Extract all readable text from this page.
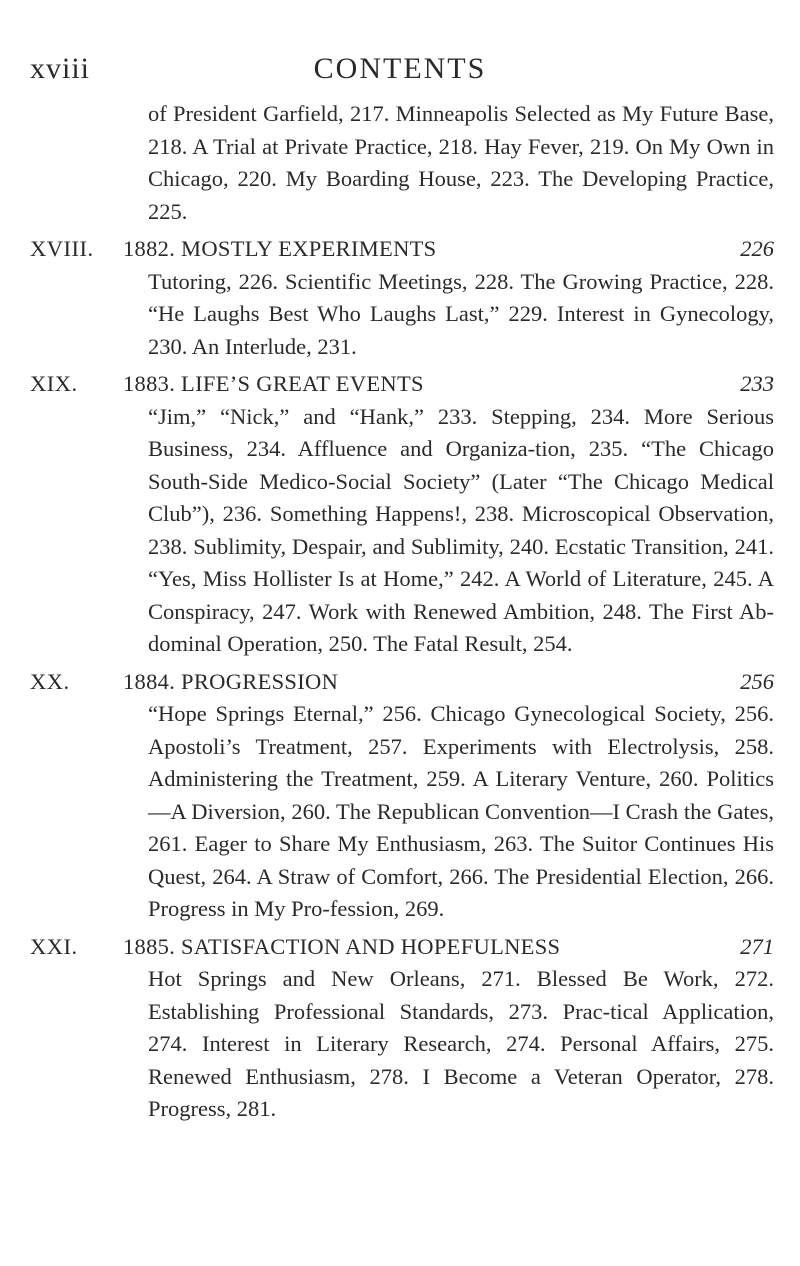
xviii	CONTENTS
of President Garfield, 217. Minneapolis Selected as My Future Base, 218. A Trial at Private Practice, 218. Hay Fever, 219. On My Own in Chicago, 220. My Boarding House, 223. The Developing Practice, 225.
XVIII. 1882. MOSTLY EXPERIMENTS	226
Tutoring, 226. Scientific Meetings, 228. The Growing Practice, 228. “He Laughs Best Who Laughs Last,” 229. Interest in Gynecology, 230. An Interlude, 231.
XIX. 1883. LIFE’S GREAT EVENTS	233
“Jim,” “Nick,” and “Hank,” 233. Stepping, 234. More Serious Business, 234. Affluence and Organiza-tion, 235. “The Chicago South-Side Medico-Social Society” (Later “The Chicago Medical Club”), 236. Something Happens!, 238. Microscopical Observation, 238. Sublimity, Despair, and Sublimity, 240. Ecstatic Transition, 241. “Yes, Miss Hollister Is at Home,” 242. A World of Literature, 245. A Conspiracy, 247. Work with Renewed Ambition, 248. The First Ab-dominal Operation, 250. The Fatal Result, 254.
XX. 1884. PROGRESSION	256
“Hope Springs Eternal,” 256. Chicago Gynecological Society, 256. Apostoli’s Treatment, 257. Experiments with Electrolysis, 258. Administering the Treatment, 259. A Literary Venture, 260. Politics—A Diversion, 260. The Republican Convention—I Crash the Gates, 261. Eager to Share My Enthusiasm, 263. The Suitor Continues His Quest, 264. A Straw of Comfort, 266. The Presidential Election, 266. Progress in My Pro-fession, 269.
XXI. 1885. SATISFACTION AND HOPEFULNESS	271
Hot Springs and New Orleans, 271. Blessed Be Work, 272. Establishing Professional Standards, 273. Prac-tical Application, 274. Interest in Literary Research, 274. Personal Affairs, 275. Renewed Enthusiasm, 278. I Become a Veteran Operator, 278. Progress, 281.
